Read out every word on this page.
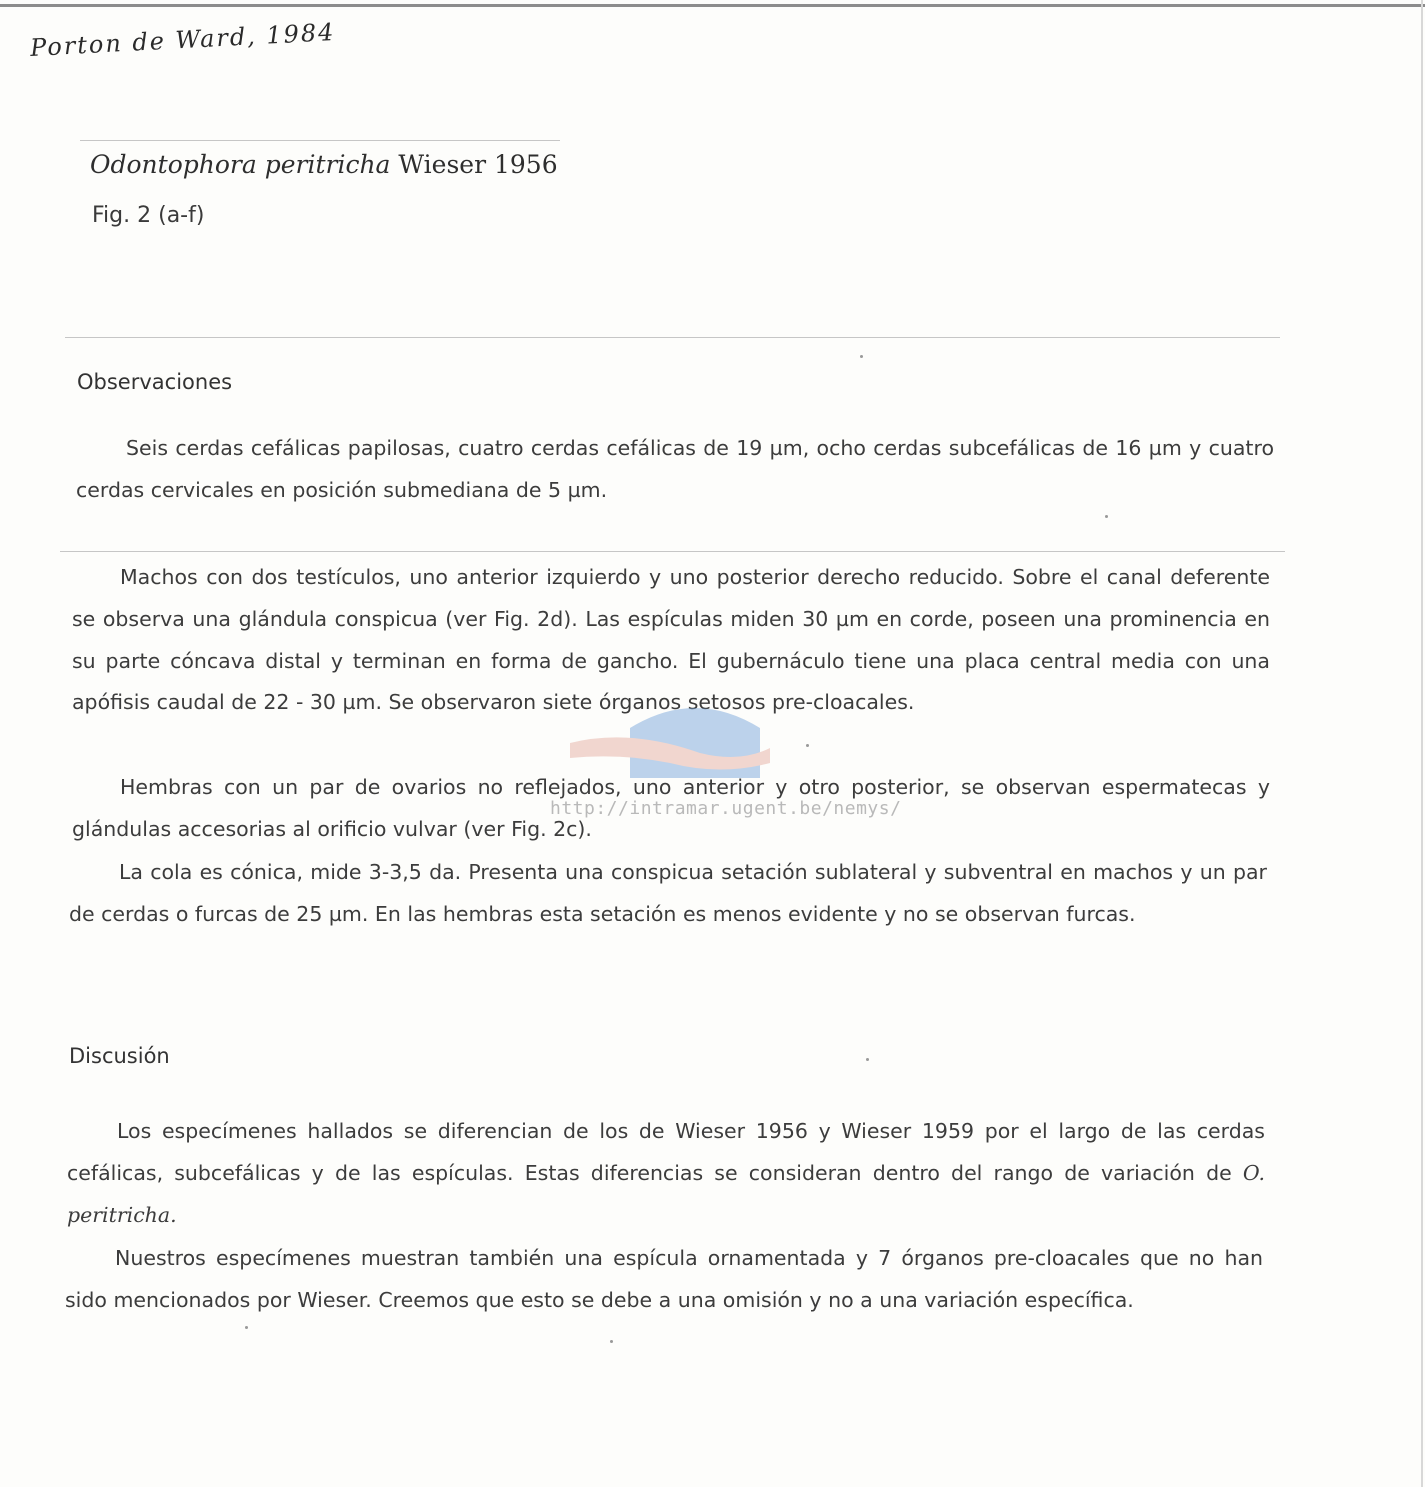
Porton de Ward, 1984
Odontophora peritricha Wieser 1956
Fig. 2 (a-f)
Observaciones

Seis cerdas cefálicas papilosas, cuatro cerdas cefálicas de 19 µm, ocho cerdas subcefálicas de 16 µm y cuatro cerdas cervicales en posición submediana de 5 µm.

Machos con dos testículos, uno anterior izquierdo y uno posterior derecho reducido. Sobre el canal deferente se observa una glándula conspicua (ver Fig. 2d). Las espículas miden 30 µm en corde, poseen una prominencia en su parte cóncava distal y terminan en forma de gancho. El gubernáculo tiene una placa central media con una apófisis caudal de 22 - 30 µm. Se observaron siete órganos setosos pre-cloacales.

Hembras con un par de ovarios no reflejados, uno anterior y otro posterior, se observan espermatecas y glándulas accesorias al orificio vulvar (ver Fig. 2c).

La cola es cónica, mide 3-3,5 da. Presenta una conspicua setación sublateral y subventral en machos y un par de cerdas o furcas de 25 µm. En las hembras esta setación es menos evidente y no se observan furcas.

http://intramar.ugent.be/nemys/
Discusión

Los especímenes hallados se diferencian de los de Wieser 1956 y Wieser 1959 por el largo de las cerdas cefálicas, subcefálicas y de las espículas. Estas diferencias se consideran dentro del rango de variación de O. peritricha.

Nuestros especímenes muestran también una espícula ornamentada y 7 órganos pre-cloacales que no han sido mencionados por Wieser. Creemos que esto se debe a una omisión y no a una variación específica.
